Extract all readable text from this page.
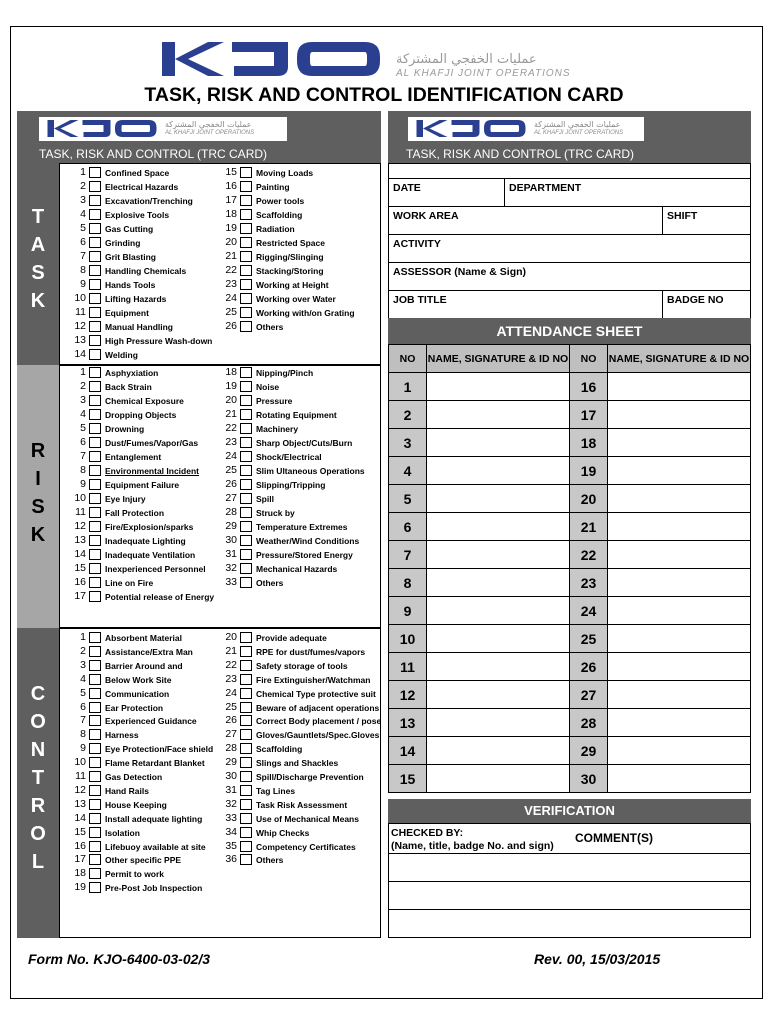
عمليات الخفجي المشتركة
AL KHAFJI JOINT OPERATIONS
TASK, RISK AND CONTROL IDENTIFICATION CARD
عمليات الخفجي المشتركة
AL KHAFJI JOINT OPERATIONS
TASK, RISK AND CONTROL (TRC CARD)
عمليات الخفجي المشتركة
AL KHAFJI JOINT OPERATIONS
TASK, RISK AND CONTROL (TRC CARD)
T
A
S
K
R
I
S
K
C
O
N
T
R
O
L
1 Confined Space
2 Electrical Hazards
3 Excavation/Trenching
4 Explosive Tools
5 Gas Cutting
6 Grinding
7 Grit Blasting
8 Handling Chemicals
9 Hands Tools
10 Lifting Hazards
11 Equipment
12 Manual Handling
13 High Pressure Wash-down
14 Welding
15 Moving Loads
16 Painting
17 Power tools
18 Scaffolding
19 Radiation
20 Restricted Space
21 Rigging/Slinging
22 Stacking/Storing
23 Working at Height
24 Working over Water
25 Working with/on Grating
26 Others
1 Asphyxiation
2 Back Strain
3 Chemical Exposure
4 Dropping Objects
5 Drowning
6 Dust/Fumes/Vapor/Gas
7 Entanglement
8 Environmental Incident
9 Equipment Failure
10 Eye Injury
11 Fall Protection
12 Fire/Explosion/sparks
13 Inadequate Lighting
14 Inadequate Ventilation
15 Inexperienced Personnel
16 Line on Fire
17 Potential release of Energy
18 Nipping/Pinch
19 Noise
20 Pressure
21 Rotating Equipment
22 Machinery
23 Sharp Object/Cuts/Burn
24 Shock/Electrical
25 Slim Ultaneous Operations
26 Slipping/Tripping
27 Spill
28 Struck by
29 Temperature Extremes
30 Weather/Wind Conditions
31 Pressure/Stored Energy
32 Mechanical Hazards
33 Others
1 Absorbent Material
2 Assistance/Extra Man
3 Barrier Around and
4 Below Work Site
5 Communication
6 Ear Protection
7 Experienced Guidance
8 Harness
9 Eye Protection/Face shield
10 Flame Retardant Blanket
11 Gas Detection
12 Hand Rails
13 House Keeping
14 Install adequate lighting
15 Isolation
16 Lifebuoy available at site
17 Other specific PPE
18 Permit to work
19 Pre-Post Job Inspection
20 Provide adequate
21 RPE for dust/fumes/vapors
22 Safety storage of tools
23 Fire Extinguisher/Watchman
24 Chemical Type protective suit
25 Beware of adjacent operations
26 Correct Body placement / pose
27 Gloves/Gauntlets/Spec.Gloves
28 Scaffolding
29 Slings and Shackles
30 Spill/Discharge Prevention
31 Tag Lines
32 Task Risk Assessment
33 Use of Mechanical Means
34 Whip Checks
35 Competency Certificates
36 Others
DATE	DEPARTMENT
WORK AREA	SHIFT
ACTIVITY
ASSESSOR (Name & Sign)
JOB TITLE	BADGE NO
ATTENDANCE SHEET
NO	NAME, SIGNATURE & ID NO	NO	NAME, SIGNATURE & ID NO
1		16	
2		17	
3		18	
4		19	
5		20	
6		21	
7		22	
8		23	
9		24	
10		25	
11		26	
12		27	
13		28	
14		29	
15		30	
VERIFICATION
CHECKED BY:
(Name, title, badge No. and sign)
COMMENT(S)
Form No. KJO-6400-03-02/3	Rev. 00, 15/03/2015
